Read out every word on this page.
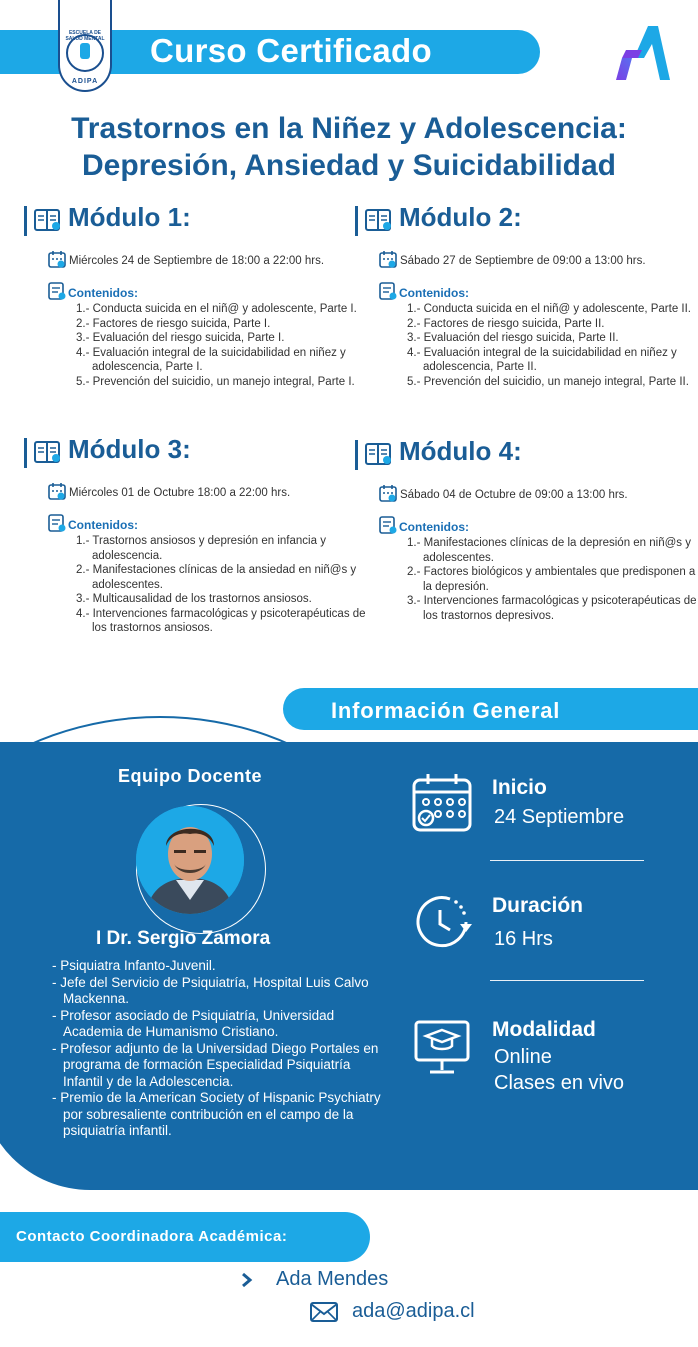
Curso Certificado
ESCUELA DE SALUD MENTAL
ADIPA
Trastornos en la Niñez y Adolescencia:
Depresión, Ansiedad y Suicidabilidad
Módulo 1:
Miércoles 24 de Septiembre de 18:00 a 22:00 hrs.
Contenidos:
1.- Conducta suicida en el niñ@ y adolescente, Parte I.
2.- Factores de riesgo suicida, Parte I.
3.- Evaluación del riesgo suicida, Parte I.
4.- Evaluación integral de la suicidabilidad en niñez y adolescencia, Parte I.
5.- Prevención del suicidio, un manejo integral, Parte I.
Módulo 2:
Sábado 27 de Septiembre de 09:00 a 13:00 hrs.
Contenidos:
1.- Conducta suicida en el niñ@ y adolescente, Parte II.
2.- Factores de riesgo suicida, Parte II.
3.- Evaluación del riesgo suicida, Parte II.
4.- Evaluación integral de la suicidabilidad en niñez y adolescencia, Parte II.
5.- Prevención del suicidio, un manejo integral, Parte II.
Módulo 3:
Miércoles 01 de Octubre 18:00 a 22:00 hrs.
Contenidos:
1.- Trastornos ansiosos y depresión en infancia y adolescencia.
2.- Manifestaciones clínicas de la ansiedad en niñ@s y adolescentes.
3.- Multicausalidad de los trastornos ansiosos.
4.- Intervenciones farmacológicas y psicoterapéuticas de los trastornos ansiosos.
Módulo 4:
Sábado 04 de Octubre de 09:00 a 13:00 hrs.
Contenidos:
1.- Manifestaciones clínicas de la depresión en niñ@s y adolescentes.
2.- Factores biológicos y ambientales que predisponen a la depresión.
3.- Intervenciones farmacológicas y psicoterapéuticas de los trastornos depresivos.
Información General
Equipo Docente
I Dr. Sergio Zamora
- Psiquiatra Infanto-Juvenil.
- Jefe del Servicio de Psiquiatría, Hospital Luis Calvo Mackenna.
- Profesor asociado de Psiquiatría, Universidad Academia de Humanismo Cristiano.
- Profesor adjunto de la Universidad Diego Portales en programa de formación Especialidad Psiquiatría Infantil y de la Adolescencia.
- Premio de la American Society of Hispanic Psychiatry por sobresaliente contribución en el campo de la psiquiatría infantil.
Inicio
24 Septiembre
Duración
16 Hrs
Modalidad
Online
Clases en vivo
Contacto Coordinadora Académica:
Ada Mendes
ada@adipa.cl
